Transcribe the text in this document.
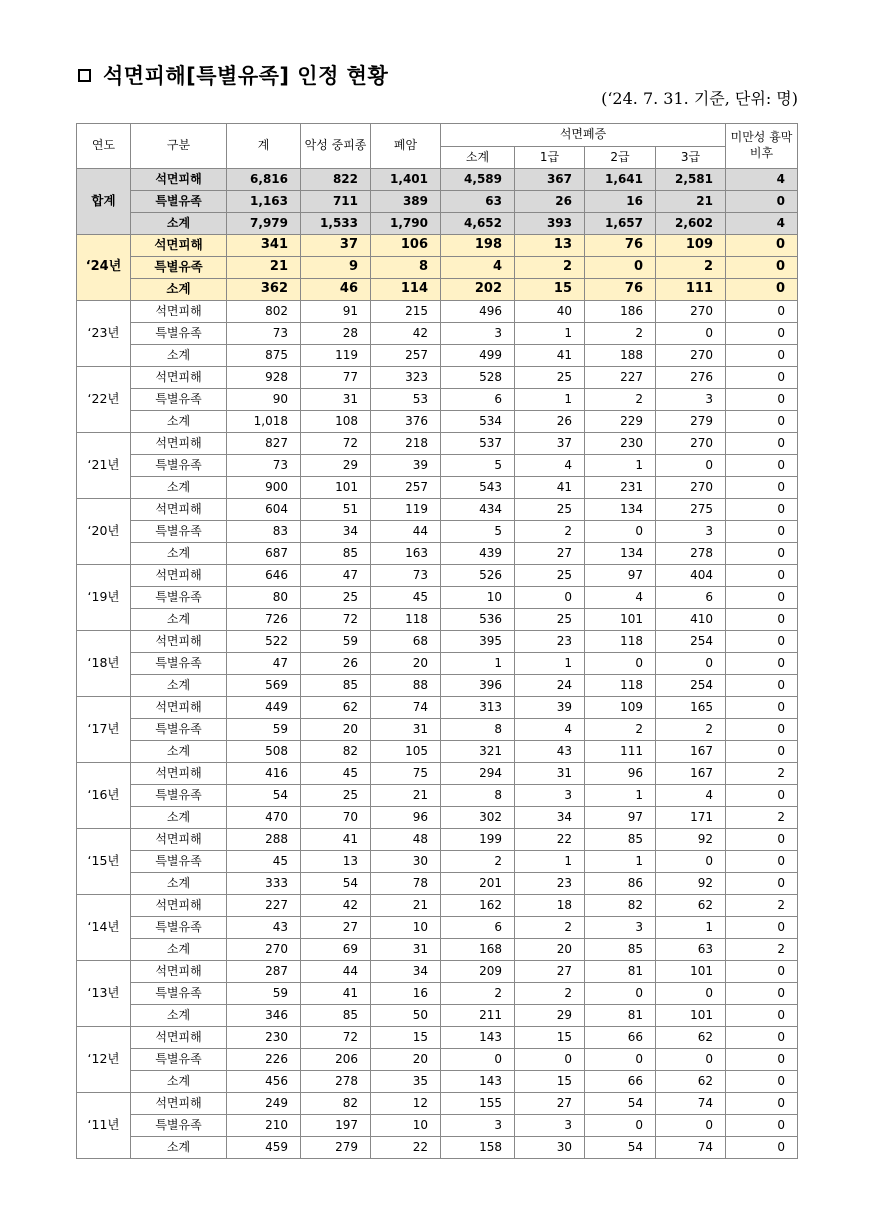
석면피해[특별유족] 인정 현황
(‘24. 7. 31. 기준, 단위: 명)
연도	구분	계	악성 중피종	폐암	석면폐증				미만성 흉막비후
					소계	1급	2급	3급	
합계	석면피해	6,816	822	1,401	4,589	367	1,641	2,581	4
	특별유족	1,163	711	389	63	26	16	21	0
	소계	7,979	1,533	1,790	4,652	393	1,657	2,602	4
‘24년	석면피해	341	37	106	198	13	76	109	0
	특별유족	21	9	8	4	2	0	2	0
	소계	362	46	114	202	15	76	111	0
‘23년	석면피해	802	91	215	496	40	186	270	0
	특별유족	73	28	42	3	1	2	0	0
	소계	875	119	257	499	41	188	270	0
‘22년	석면피해	928	77	323	528	25	227	276	0
	특별유족	90	31	53	6	1	2	3	0
	소계	1,018	108	376	534	26	229	279	0
‘21년	석면피해	827	72	218	537	37	230	270	0
	특별유족	73	29	39	5	4	1	0	0
	소계	900	101	257	543	41	231	270	0
‘20년	석면피해	604	51	119	434	25	134	275	0
	특별유족	83	34	44	5	2	0	3	0
	소계	687	85	163	439	27	134	278	0
‘19년	석면피해	646	47	73	526	25	97	404	0
	특별유족	80	25	45	10	0	4	6	0
	소계	726	72	118	536	25	101	410	0
‘18년	석면피해	522	59	68	395	23	118	254	0
	특별유족	47	26	20	1	1	0	0	0
	소계	569	85	88	396	24	118	254	0
‘17년	석면피해	449	62	74	313	39	109	165	0
	특별유족	59	20	31	8	4	2	2	0
	소계	508	82	105	321	43	111	167	0
‘16년	석면피해	416	45	75	294	31	96	167	2
	특별유족	54	25	21	8	3	1	4	0
	소계	470	70	96	302	34	97	171	2
‘15년	석면피해	288	41	48	199	22	85	92	0
	특별유족	45	13	30	2	1	1	0	0
	소계	333	54	78	201	23	86	92	0
‘14년	석면피해	227	42	21	162	18	82	62	2
	특별유족	43	27	10	6	2	3	1	0
	소계	270	69	31	168	20	85	63	2
‘13년	석면피해	287	44	34	209	27	81	101	0
	특별유족	59	41	16	2	2	0	0	0
	소계	346	85	50	211	29	81	101	0
‘12년	석면피해	230	72	15	143	15	66	62	0
	특별유족	226	206	20	0	0	0	0	0
	소계	456	278	35	143	15	66	62	0
‘11년	석면피해	249	82	12	155	27	54	74	0
	특별유족	210	197	10	3	3	0	0	0
	소계	459	279	22	158	30	54	74	0
